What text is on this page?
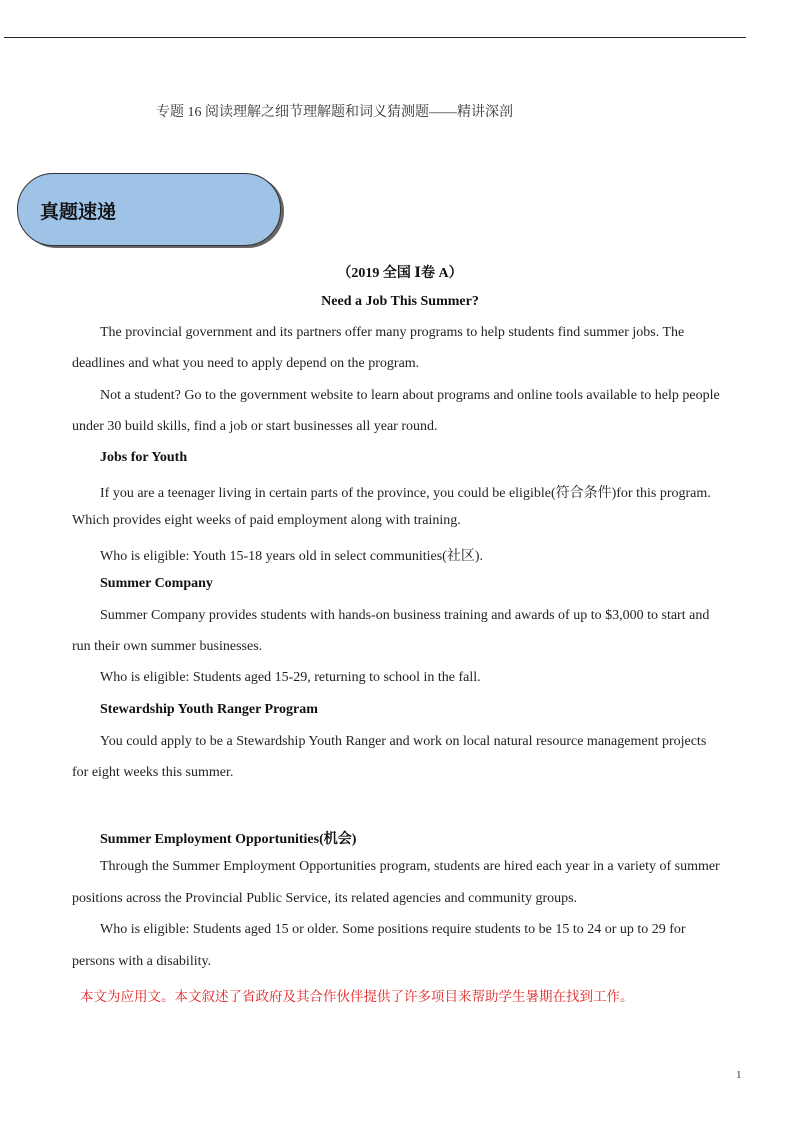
专题 16 阅读理解之细节理解题和词义猜测题——精讲深剖
真题速递
（2019 全国 Ⅰ卷 A）
Need a Job This Summer?
The provincial government and its partners offer many programs to help students find summer jobs. The
deadlines and what you need to apply depend on the program.
Not a student? Go to the government website to learn about programs and online tools available to help people
under 30 build skills, find a job or start businesses all year round.
Jobs for Youth
If you are a teenager living in certain parts of the province, you could be eligible(符合条件)for this program.
Which provides eight weeks of paid employment along with training.
Who is eligible: Youth 15-18 years old in select communities(社区).
Summer Company
Summer Company provides students with hands-on business training and awards of up to $3,000 to start and
run their own summer businesses.
Who is eligible: Students aged 15-29, returning to school in the fall.
Stewardship Youth Ranger Program
You could apply to be a Stewardship Youth Ranger and work on local natural resource management projects
for eight weeks this summer.
Summer Employment Opportunities(机会)
Through the Summer Employment Opportunities program, students are hired each year in a variety of summer
positions across the Provincial Public Service, its related agencies and community groups.
Who is eligible: Students aged 15 or older. Some positions require students to be 15 to 24 or up to 29 for
persons with a disability.
本文为应用文。本文叙述了省政府及其合作伙伴提供了许多项目来帮助学生暑期在找到工作。
1
